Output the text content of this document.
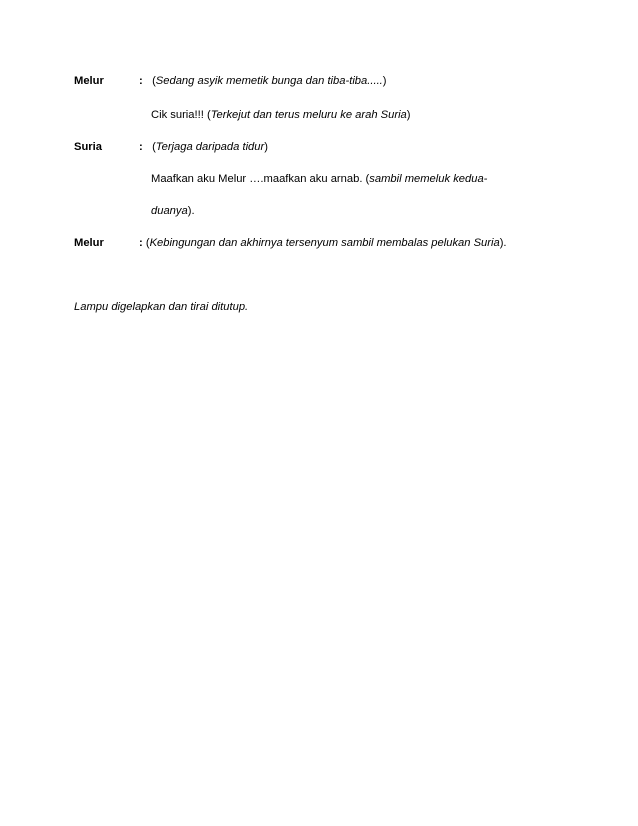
Melur	: (Sedang asyik memetik bunga dan tiba-tiba.....)
Cik suria!!! (Terkejut dan terus meluru ke arah Suria)
Suria	: (Terjaga daripada tidur)
Maafkan aku Melur ….maafkan aku arnab. (sambil memeluk kedua-
duanya).
Melur	: (Kebingungan dan akhirnya tersenyum sambil membalas pelukan Suria).
Lampu digelapkan dan tirai ditutup.
